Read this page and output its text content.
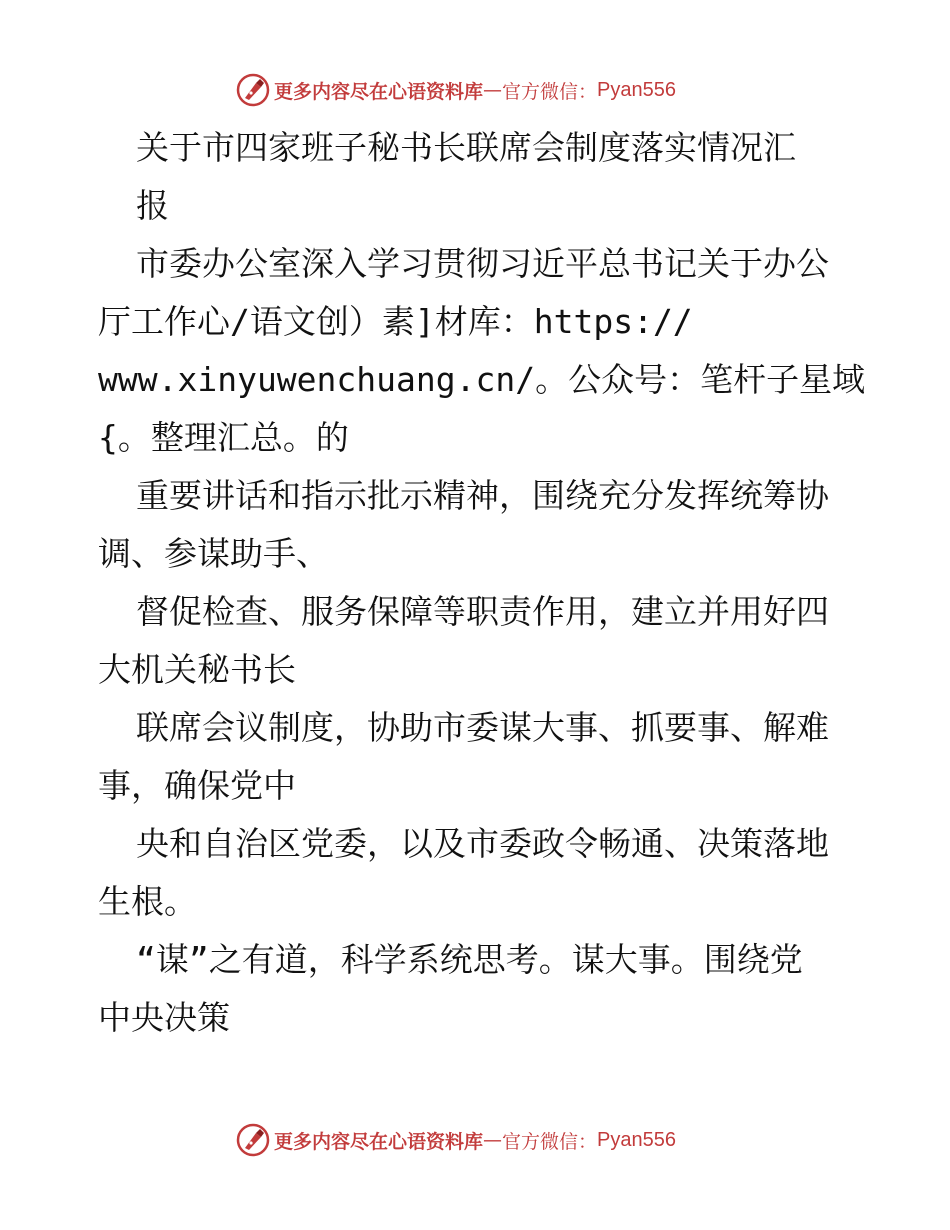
更多内容尽在心语资料库 — 官方微信： Pyan556

关于市四家班子秘书长联席会制度落实情况汇

报

市委办公室深入学习贯彻习近平总书记关于办公

厅工作心/语文创）素]材库：https://

www.xinyuwenchuang.cn/。公众号：笔杆子星域

{。整理汇总。的

重要讲话和指示批示精神，围绕充分发挥统筹协

调、参谋助手、

督促检查、服务保障等职责作用，建立并用好四

大机关秘书长

联席会议制度，协助市委谋大事、抓要事、解难

事，确保党中

央和自治区党委，以及市委政令畅通、决策落地

生根。

“谋”之有道，科学系统思考。谋大事。围绕党

中央决策

更多内容尽在心语资料库 — 官方微信： Pyan556
